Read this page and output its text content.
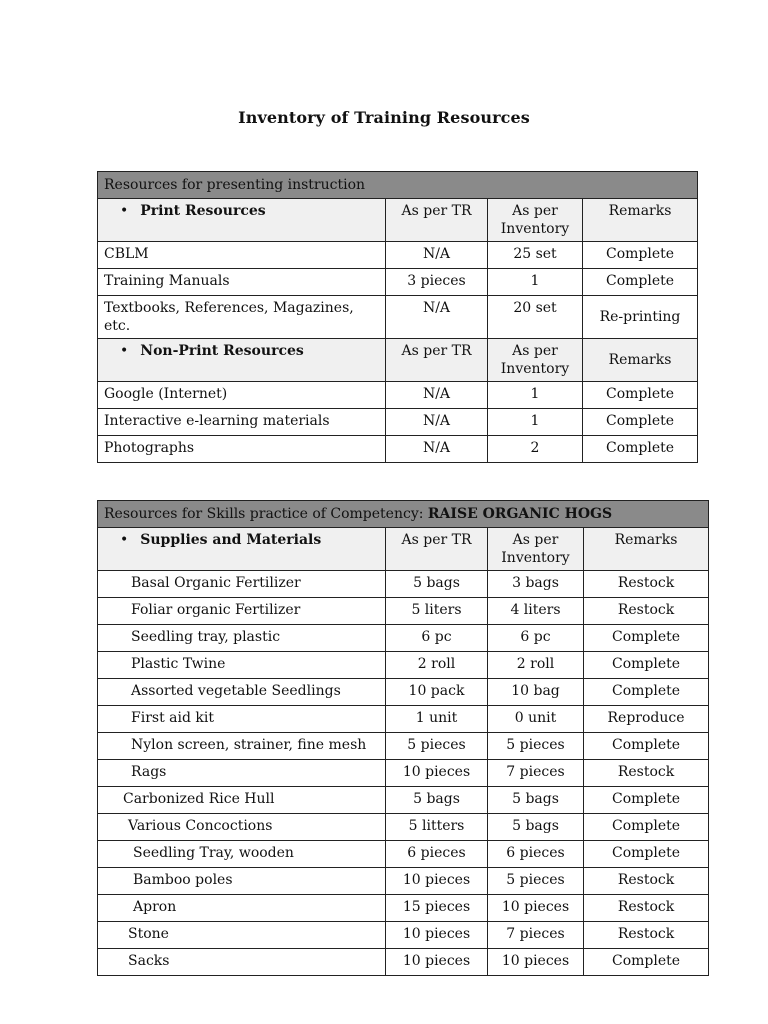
Inventory of Training Resources
Resources for presenting instruction			
• Print Resources	As per TR	As per Inventory	Remarks
CBLM	N/A	25 set	Complete
Training Manuals	3 pieces	1	Complete
Textbooks, References, Magazines, etc.	N/A	20 set	Re-printing
• Non-Print Resources	As per TR	As per Inventory	Remarks
Google (Internet)	N/A	1	Complete
Interactive e-learning materials	N/A	1	Complete
Photographs	N/A	2	Complete
Resources for Skills practice of Competency: RAISE ORGANIC HOGS			
• Supplies and Materials	As per TR	As per Inventory	Remarks
Basal Organic Fertilizer	5 bags	3 bags	Restock
Foliar organic Fertilizer	5 liters	4 liters	Restock
Seedling tray, plastic	6 pc	6 pc	Complete
Plastic Twine	2 roll	2 roll	Complete
Assorted vegetable Seedlings	10 pack	10 bag	Complete
First aid kit	1 unit	0 unit	Reproduce
Nylon screen, strainer, fine mesh	5 pieces	5 pieces	Complete
Rags	10 pieces	7 pieces	Restock
Carbonized Rice Hull	5 bags	5 bags	Complete
Various Concoctions	5 litters	5 bags	Complete
Seedling Tray, wooden	6 pieces	6 pieces	Complete
Bamboo poles	10 pieces	5 pieces	Restock
Apron	15 pieces	10 pieces	Restock
Stone	10 pieces	7 pieces	Restock
Sacks	10 pieces	10 pieces	Complete
